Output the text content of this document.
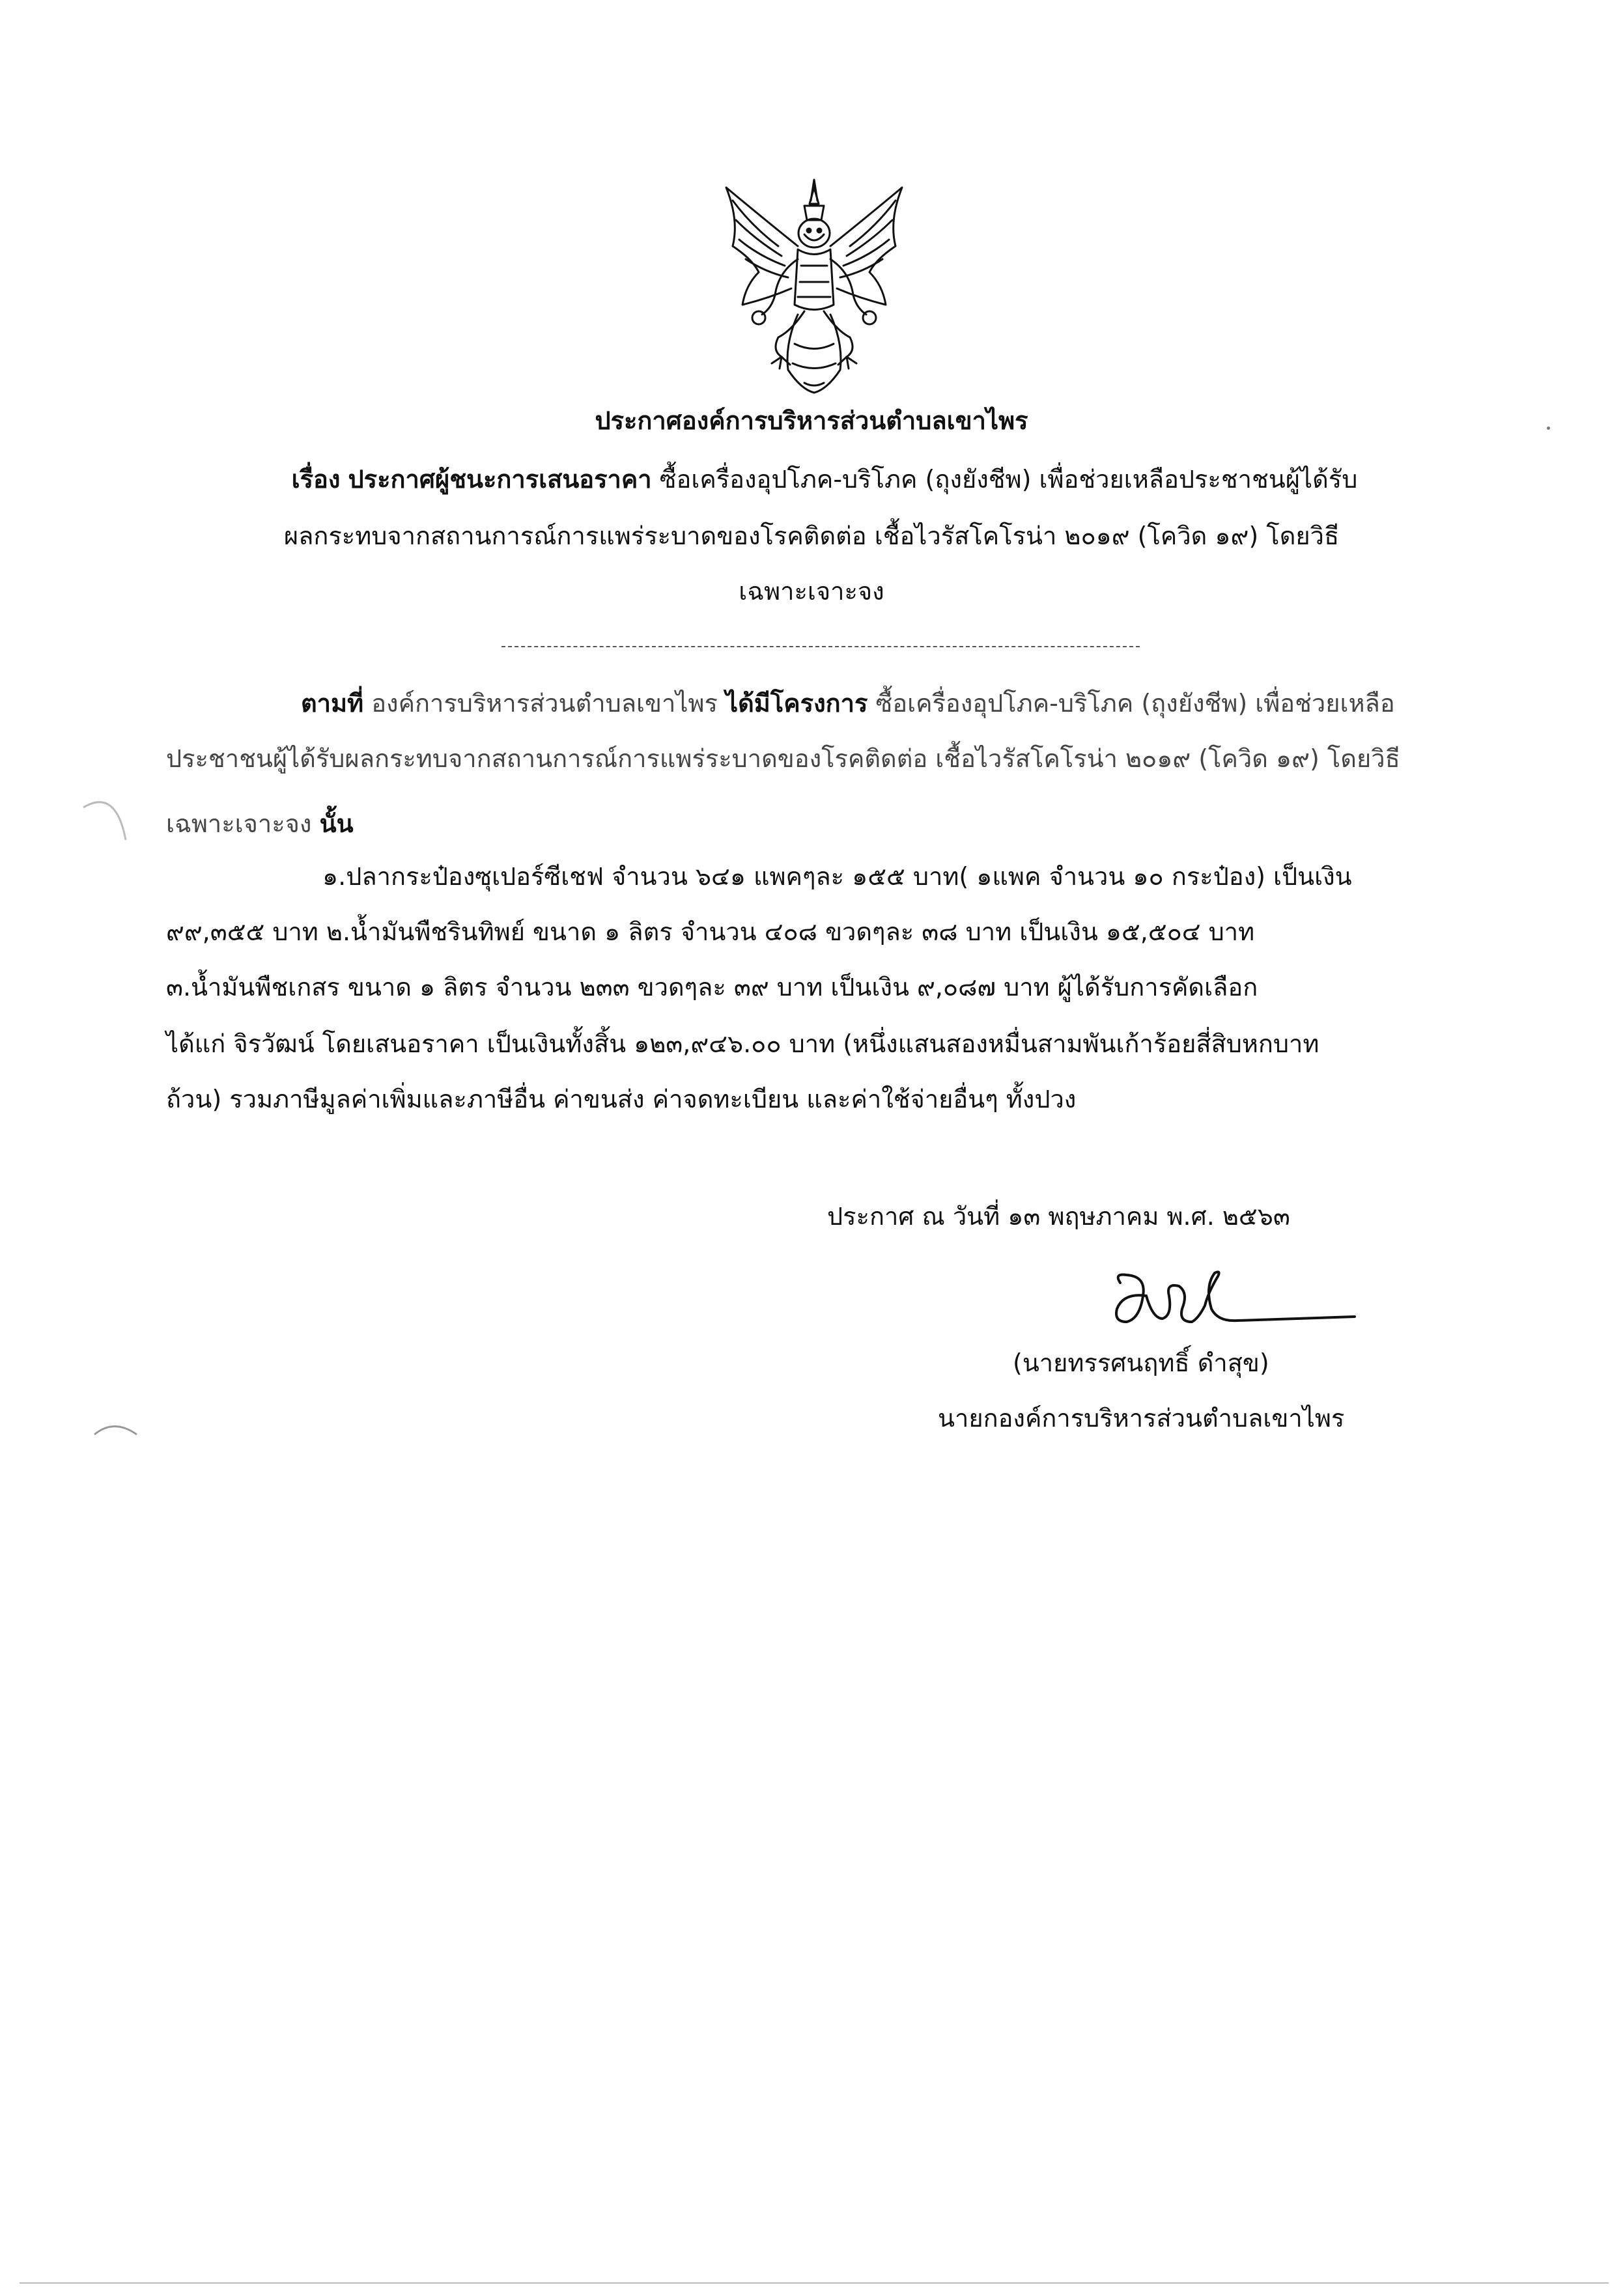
ประกาศองค์การบริหารส่วนตำบลเขาไพร
เรื่อง ประกาศผู้ชนะการเสนอราคา ซื้อเครื่องอุปโภค-บริโภค (ถุงยังชีพ) เพื่อช่วยเหลือประชาชนผู้ได้รับ
ผลกระทบจากสถานการณ์การแพร่ระบาดของโรคติดต่อ เชื้อไวรัสโคโรน่า ๒๐๑๙ (โควิด ๑๙) โดยวิธี
เฉพาะเจาะจง
ตามที่ องค์การบริหารส่วนตำบลเขาไพร ได้มีโครงการ ซื้อเครื่องอุปโภค-บริโภค (ถุงยังชีพ) เพื่อช่วยเหลือ
ประชาชนผู้ได้รับผลกระทบจากสถานการณ์การแพร่ระบาดของโรคติดต่อ เชื้อไวรัสโคโรน่า ๒๐๑๙ (โควิด ๑๙) โดยวิธี
เฉพาะเจาะจง นั้น
๑.ปลากระป๋องซุเปอร์ซีเชฟ จำนวน ๖๔๑ แพคๆละ ๑๕๕ บาท( ๑แพค จำนวน ๑๐ กระป๋อง) เป็นเงิน
๙๙,๓๕๕ บาท ๒.น้ำมันพืชรินทิพย์ ขนาด ๑ ลิตร จำนวน ๔๐๘ ขวดๆละ ๓๘ บาท เป็นเงิน ๑๕,๕๐๔ บาท
๓.น้ำมันพืชเกสร ขนาด ๑ ลิตร จำนวน ๒๓๓ ขวดๆละ ๓๙ บาท เป็นเงิน ๙,๐๘๗ บาท ผู้ได้รับการคัดเลือก
ได้แก่ จิรวัฒน์ โดยเสนอราคา เป็นเงินทั้งสิ้น ๑๒๓,๙๔๖.๐๐ บาท (หนึ่งแสนสองหมื่นสามพันเก้าร้อยสี่สิบหกบาท
ถ้วน) รวมภาษีมูลค่าเพิ่มและภาษีอื่น ค่าขนส่ง ค่าจดทะเบียน และค่าใช้จ่ายอื่นๆ ทั้งปวง
ประกาศ ณ วันที่ ๑๓ พฤษภาคม พ.ศ. ๒๕๖๓
(นายทรรศนฤทธิ์ ดำสุข)
นายกองค์การบริหารส่วนตำบลเขาไพร
